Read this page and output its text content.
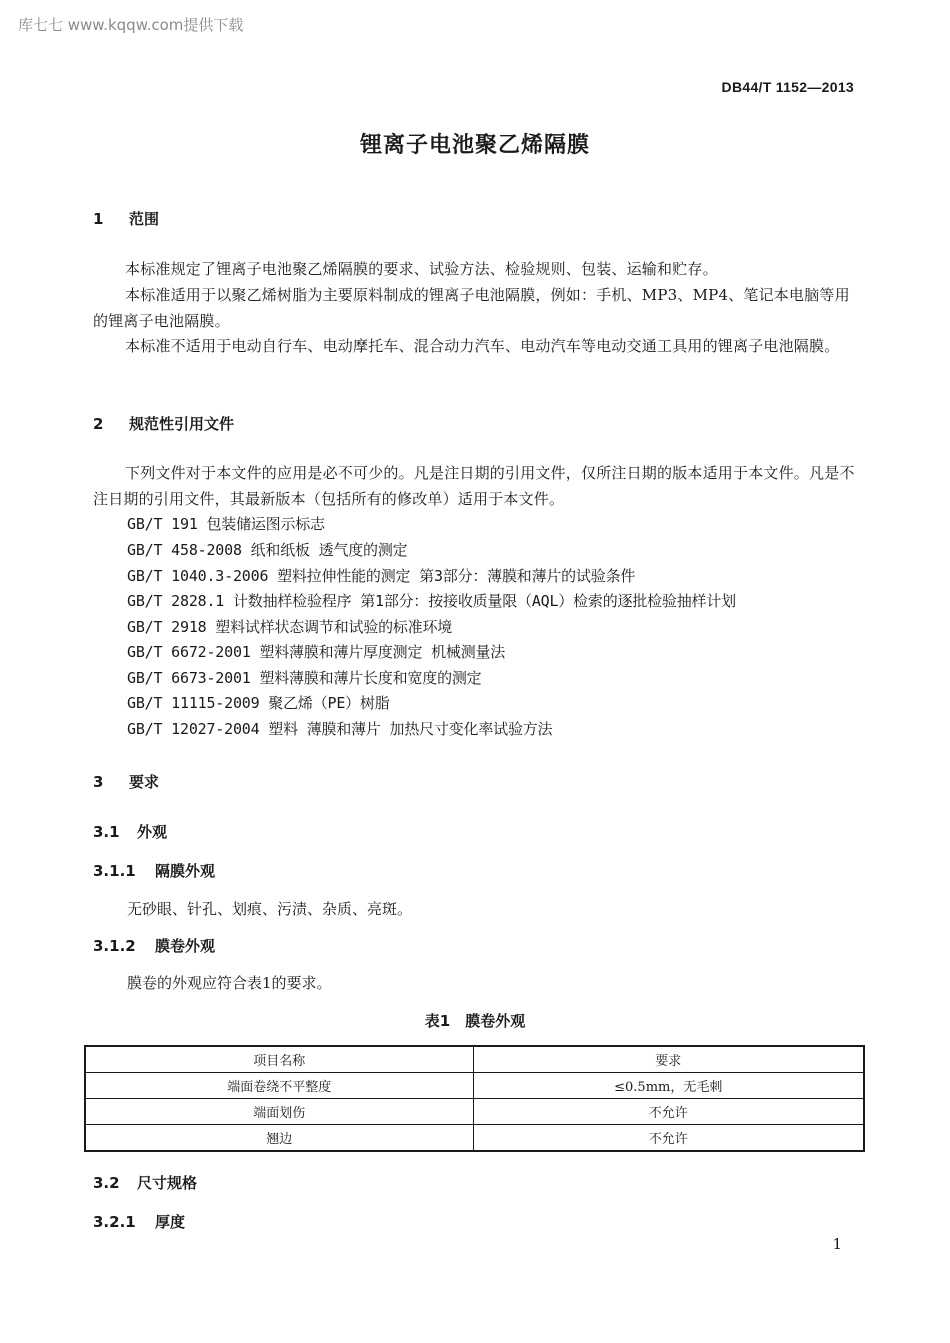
库七七 www.kqqw.com提供下载
DB44/T 1152—2013
锂离子电池聚乙烯隔膜
1 范围
本标准规定了锂离子电池聚乙烯隔膜的要求、试验方法、检验规则、包装、运输和贮存。
本标准适用于以聚乙烯树脂为主要原料制成的锂离子电池隔膜，例如：手机、MP3、MP4、笔记本电脑等用的锂离子电池隔膜。
本标准不适用于电动自行车、电动摩托车、混合动力汽车、电动汽车等电动交通工具用的锂离子电池隔膜。
2 规范性引用文件
下列文件对于本文件的应用是必不可少的。凡是注日期的引用文件，仅所注日期的版本适用于本文件。凡是不注日期的引用文件，其最新版本（包括所有的修改单）适用于本文件。
GB/T 191 包装储运图示标志
GB/T 458-2008 纸和纸板 透气度的测定
GB/T 1040.3-2006 塑料拉伸性能的测定 第3部分：薄膜和薄片的试验条件
GB/T 2828.1 计数抽样检验程序 第1部分：按接收质量限（AQL）检索的逐批检验抽样计划
GB/T 2918 塑料试样状态调节和试验的标准环境
GB/T 6672-2001 塑料薄膜和薄片厚度测定 机械测量法
GB/T 6673-2001 塑料薄膜和薄片长度和宽度的测定
GB/T 11115-2009 聚乙烯（PE）树脂
GB/T 12027-2004 塑料 薄膜和薄片 加热尺寸变化率试验方法
3 要求
3.1 外观
3.1.1 隔膜外观
无砂眼、针孔、划痕、污渍、杂质、亮斑。
3.1.2 膜卷外观
膜卷的外观应符合表1的要求。
表1　膜卷外观
项目名称	要求
端面卷绕不平整度	≤0.5mm，无毛刺
端面划伤	不允许
翘边	不允许
3.2 尺寸规格
3.2.1 厚度
1
